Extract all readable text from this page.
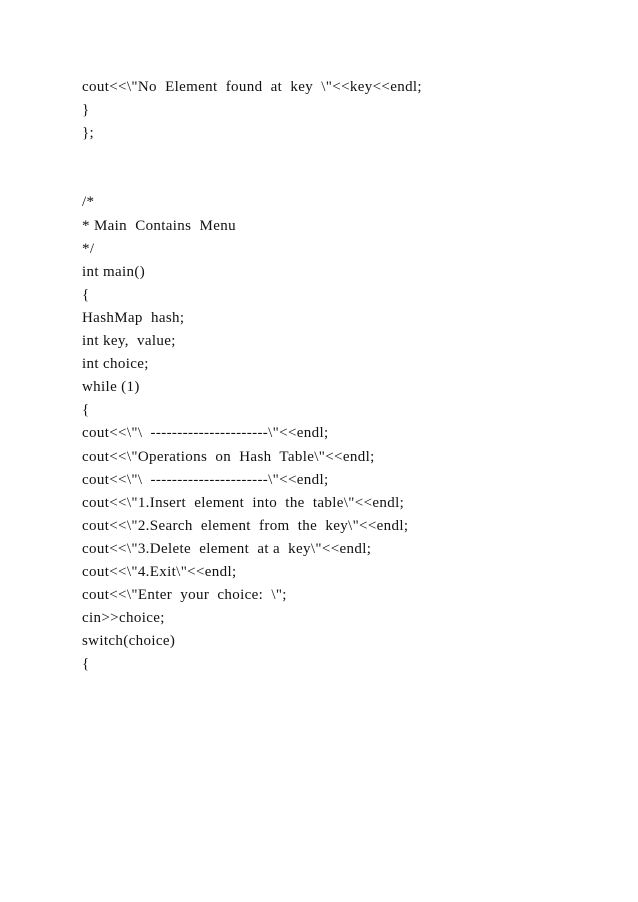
cout<<\"No  Element  found  at  key  \"<<key<<endl;
}
};
/*
* Main  Contains  Menu
*/
int main()
{
HashMap  hash;
int key,  value;
int choice;
while (1)
{
cout<<\"\  ----------------------\"<<endl;
cout<<\"Operations  on  Hash  Table\"<<endl;
cout<<\"\  ----------------------\"<<endl;
cout<<\"1.Insert  element  into  the  table\"<<endl;
cout<<\"2.Search  element  from  the  key\"<<endl;
cout<<\"3.Delete  element  at a  key\"<<endl;
cout<<\"4.Exit\"<<endl;
cout<<\"Enter  your  choice:  \";
cin>>choice;
switch(choice)
{
